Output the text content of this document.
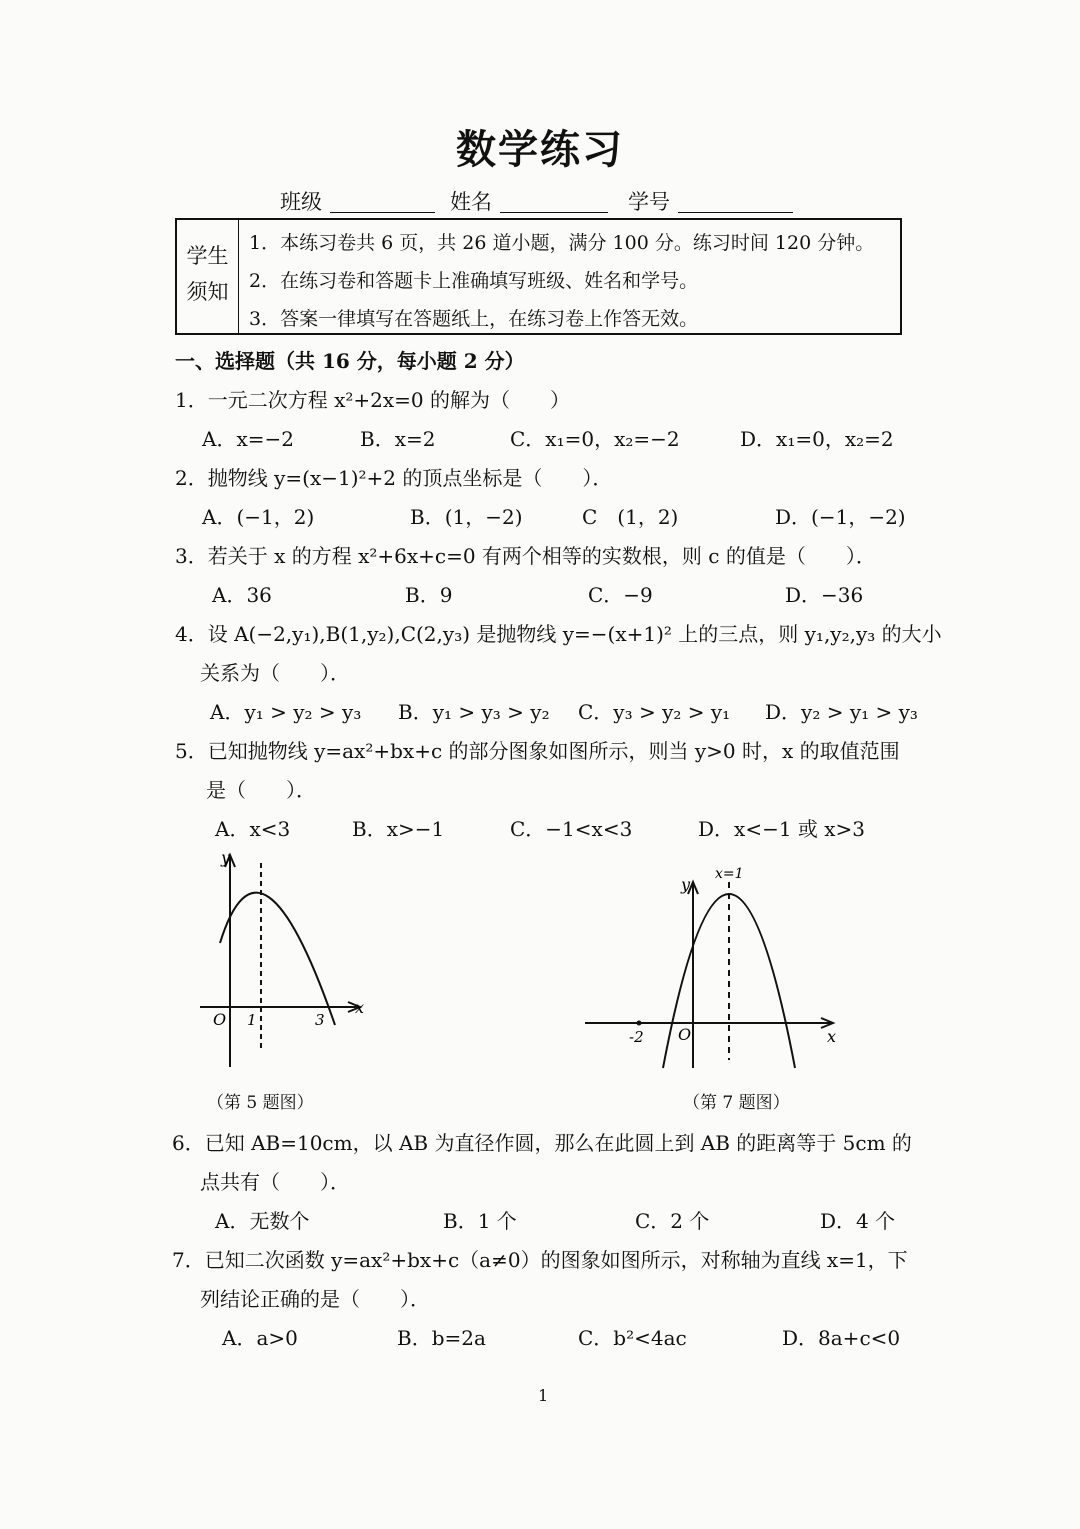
数学练习
班级	姓名	学号
学生
须知
1．本练习卷共 6 页，共 26 道小题，满分 100 分。练习时间 120 分钟。
2．在练习卷和答题卡上准确填写班级、姓名和学号。
3．答案一律填写在答题纸上，在练习卷上作答无效。
一、选择题（共 16 分，每小题 2 分）
1．一元二次方程 x²+2x=0 的解为（　　）
A．x=−2	B．x=2	C．x₁=0，x₂=−2	D．x₁=0，x₂=2
2．抛物线 y=(x−1)²+2 的顶点坐标是（　　）．
A．(−1，2)	B．(1，−2)	C　(1，2)	D．(−1，−2)
3．若关于 x 的方程 x²+6x+c=0 有两个相等的实数根，则 c 的值是（　　）．
A．36	B．9	C．−9	D．−36
4．设 A(−2,y₁),B(1,y₂),C(2,y₃) 是抛物线 y=−(x+1)² 上的三点，则 y₁,y₂,y₃ 的大小
关系为（　　）．
A．y₁ > y₂ > y₃ B．y₁ > y₃ > y₂ C．y₃ > y₂ > y₁ D．y₂ > y₁ > y₃
5．已知抛物线 y=ax²+bx+c 的部分图象如图所示，则当 y>0 时，x 的取值范围
是（　　）．
A．x<3	B．x>−1	C．−1<x<3	D．x<−1 或 x>3
y
x
O 1	3
（第 5 题图）
y
x
O
-2
x=1
（第 7 题图）
6．已知 AB=10cm，以 AB 为直径作圆，那么在此圆上到 AB 的距离等于 5cm 的
点共有（　　）．
A．无数个	B．1 个	C．2 个	D．4 个
7．已知二次函数 y=ax²+bx+c（a≠0）的图象如图所示，对称轴为直线 x=1，下
列结论正确的是（　　）．
A．a>0	B．b=2a	C．b²<4ac	D．8a+c<0
1
